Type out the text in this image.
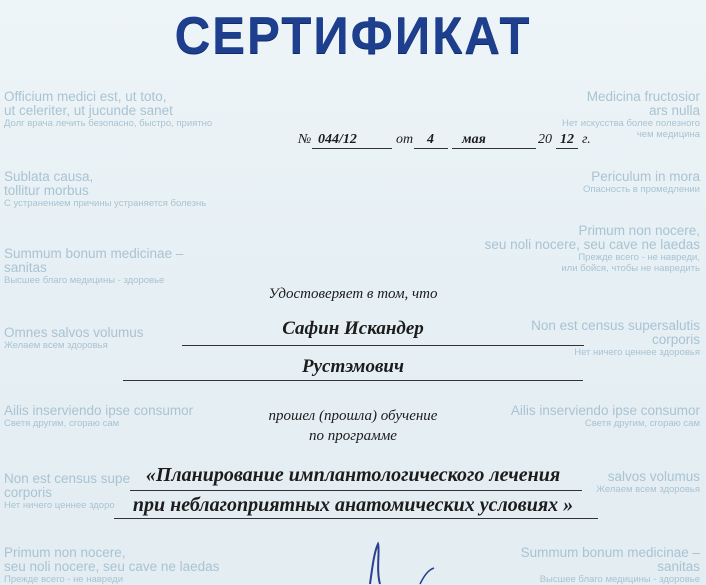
СЕРТИФИКАТ
Officium medici est, ut toto,
ut celeriter, ut jucunde sanet
Долг врача лечить безопасно, быстро, приятно
Sublata causa,
tollitur morbus
С устранением причины устраняется болезнь
Summum bonum medicinae –
sanitas
Высшее благо медицины - здоровье
Omnes salvos volumus
Желаем всем здоровья
Ailis inserviendo ipse consumor
Светя другим, сгораю сам
Non est census supe
corporis
Нет ничего ценнее здоро
Primum non nocere,
seu noli nocere, seu cave ne laedas
Прежде всего - не навреди
Medicina fructosior
ars nulla
Нет искусства более полезного
чем медицина
Periculum in mora
Опасность в промедлении
Primum non nocere,
seu noli nocere, seu cave ne laedas
Прежде всего - не навреди,
или бойся, чтобы не навредить
Non est census supersalutis
corporis
Нет ничего ценнее здоровья
Ailis inserviendo ipse consumor
Светя другим, сгораю сам
salvos volumus
Желаем всем здоровья
Summum bonum medicinae –
sanitas
Высшее благо медицины - здоровье
№ 044/12	от 4 мая	20 12 г.
Удостоверяет в том, что
Сафин Искандер
Рустэмович
прошел (прошла) обучение
по программе
«Планирование имплантологического лечения
при неблагоприятных анатомических условиях »
